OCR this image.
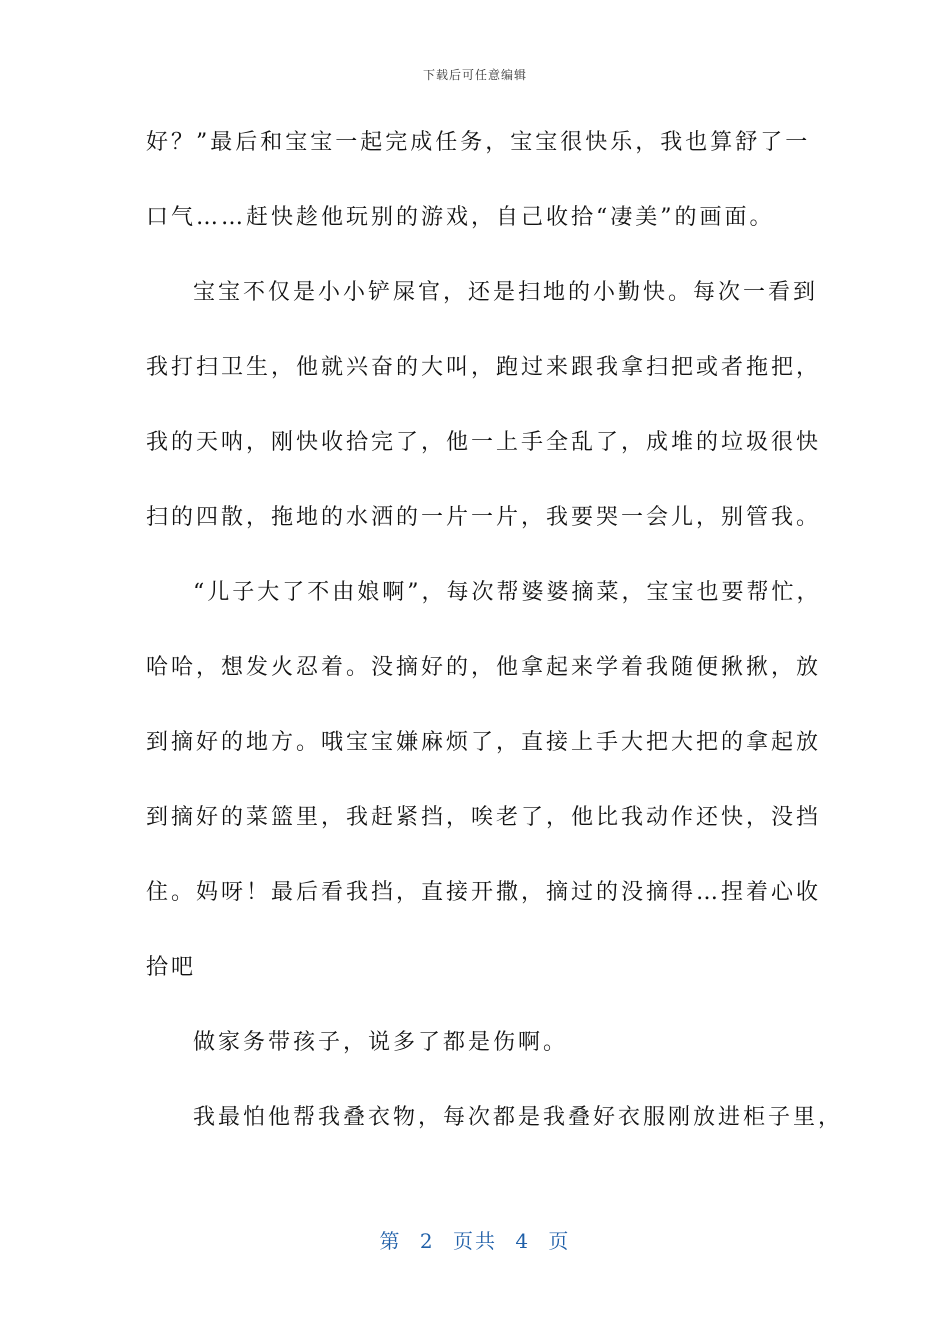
下载后可任意编辑
好？”最后和宝宝一起完成任务，宝宝很快乐，我也算舒了一
口气……赶快趁他玩别的游戏，自己收拾“凄美”的画面。
宝宝不仅是小小铲屎官，还是扫地的小勤快。每次一看到
我打扫卫生，他就兴奋的大叫，跑过来跟我拿扫把或者拖把，
我的天呐，刚快收拾完了，他一上手全乱了，成堆的垃圾很快
扫的四散，拖地的水洒的一片一片，我要哭一会儿，别管我。
“儿子大了不由娘啊”，每次帮婆婆摘菜，宝宝也要帮忙，
哈哈，想发火忍着。没摘好的，他拿起来学着我随便揪揪，放
到摘好的地方。哦宝宝嫌麻烦了，直接上手大把大把的拿起放
到摘好的菜篮里，我赶紧挡，唉老了，他比我动作还快，没挡
住。妈呀！最后看我挡，直接开撒，摘过的没摘得…捏着心收
拾吧
做家务带孩子，说多了都是伤啊。
我最怕他帮我叠衣物，每次都是我叠好衣服刚放进柜子里，
第 2 页共 4 页
